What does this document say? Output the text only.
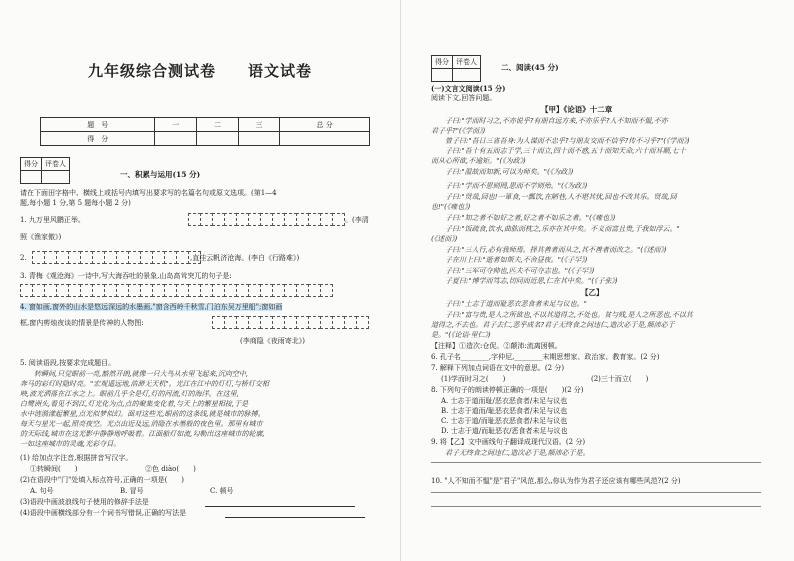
九年级综合测试卷　　语文试卷
题　号	一	二	三	总 分
得　分				
得分	评卷人

一、积累与运用(15 分)
请在下面田字格中、横线上或括号内填写出要求写的名篇名句或原文选项。(第1—4
题,每小题 1 分,第 5 题每小题 2 分)
1. 九万里风鹏正举。	。(李清
照《渔家傲》)
2.	,直挂云帆济沧海。(李白《行路难》)
3. 青梅《观沧海》一诗中,写大海吞吐的景象,山岛高耸突兀的句子是:
4. 窗如画,窗外的山水是悠远深远的水墨画,"窗含西岭千秋雪,门泊东吴万里船";窗如画
框,窗内剪烛夜谈的情景是传神的人物图:
(李商隐《夜雨寄北》)
5. 阅读语段,按要求完成题目。
　　转瞬间,只觉眼前一亮,豁然开朗,就像一只大鸟从水里飞起来,沉向空中,
奔马的彩灯时隐时亮。"宏观遥远地,浩渺无天机"。光江在江中的灯灯,与桥灯交相
映,波光洒落在江水之上。眼前几乎全是灯,灯的河流,灯的海洋。在这里,
白鹭洲头,看见不到江,灯光化为点,点的聚集变化着,与天上的繁星相接,于是
水中涟漪漾起繁星,点光似梦似幻。面对这些光,眼前的这条线,就是城市的脉搏。
每天与星光一起,照亮夜空。光点由近及远,消隐在水墨般的夜色里。那里有城市
的天际线,城市在这光影中静静地呼吸着。江面船灯如流,勾勒出这座城市的轮廓,
一如这座城市的灵魂,光彩夺目。
(1) 给加点字注音,根据拼音写汉字。
①转瞬间(　　)	②色 diào(　　)
(2)在语段中"门"处填入标点符号,正确的一项是(　　)
A. 句号	B. 冒号	C. 顿号
(3)语段中画波浪线句子使用的修辞手法是
(4)语段中画横线部分有一个词书写错误,正确的写法是
得分	评卷人

二、阅读(45 分)
(一)文言文阅读(15 分)
阅读下文,回答问题。
【甲】《论语》十二章
　　子曰:"学而时习之,不亦说乎?有朋自远方来,不亦乐乎?人不知而不愠,不亦
君子乎?"(《学而》)
　　曾子曰:"吾日三省吾身:为人谋而不忠乎?与朋友交而不信乎?传不习乎?"(《学而》)
　　子曰:"吾十有五而志于学,三十而立,四十而不惑,五十而知天命,六十而耳顺,七十
而从心所欲,不逾矩。"(《为政》)
　　子曰:"温故而知新,可以为师矣。"(《为政》)
　　子曰:"学而不思则罔,思而不学则殆。"(《为政》)
　　子曰:"贤哉,回也!一箪食,一瓢饮,在陋巷,人不堪其忧,回也不改其乐。贤哉,回
也!"(《雍也》)
　　子曰:"知之者不如好之者,好之者不如乐之者。"(《雍也》)
　　子曰:"饭疏食,饮水,曲肱而枕之,乐亦在其中矣。不义而富且贵,于我如浮云。"
(《述而》)
　　子曰:"三人行,必有我师焉。择其善者而从之,其不善者而改之。"(《述而》)
　　子在川上曰:"逝者如斯夫,不舍昼夜。"(《子罕》)
　　子曰:"三军可夺帅也,匹夫不可夺志也。"(《子罕》)
　　子夏曰:"博学而笃志,切问而近思,仁在其中矣。"(《子张》)
【乙】
　　子曰:"士志于道而耻恶衣恶食者未足与议也。"
　　子曰:"富与贵,是人之所欲也,不以其道得之,不处也。贫与贱,是人之所恶也,不以其
道得之,不去也。君子去仁,恶乎成名?君子无终食之间违仁,造次必于是,颠沛必于
是。"(《论语·里仁》)
【注释】①造次:仓促。②颠沛:流离困顿。
6. 孔子名________,字仲尼,________末期思想家、政治家、教育家。(2 分)
7. 解释下列加点词语在文中的意思。(2 分)
(1)学而时习之(　　)	(2)三十而立(　　)
8. 下列句子的朗读停顿正确的一项是(　　)(2 分)
A. 士志于道而耻/恶衣恶食者/未足与议也
B. 士志于道而/耻恶衣恶食者/未足与议也
C. 士志于道/而耻恶衣恶食者/未足与议也
D. 士志于道/而耻恶衣/恶食者未足与议也
9. 将【乙】文中画线句子翻译成现代汉语。(2 分)
　　君子无终食之间违仁,造次必于是,颠沛必于是。
10. "人不知而不愠"是"君子"风范,那么,你认为作为君子还应该有哪些风范?(2 分)
